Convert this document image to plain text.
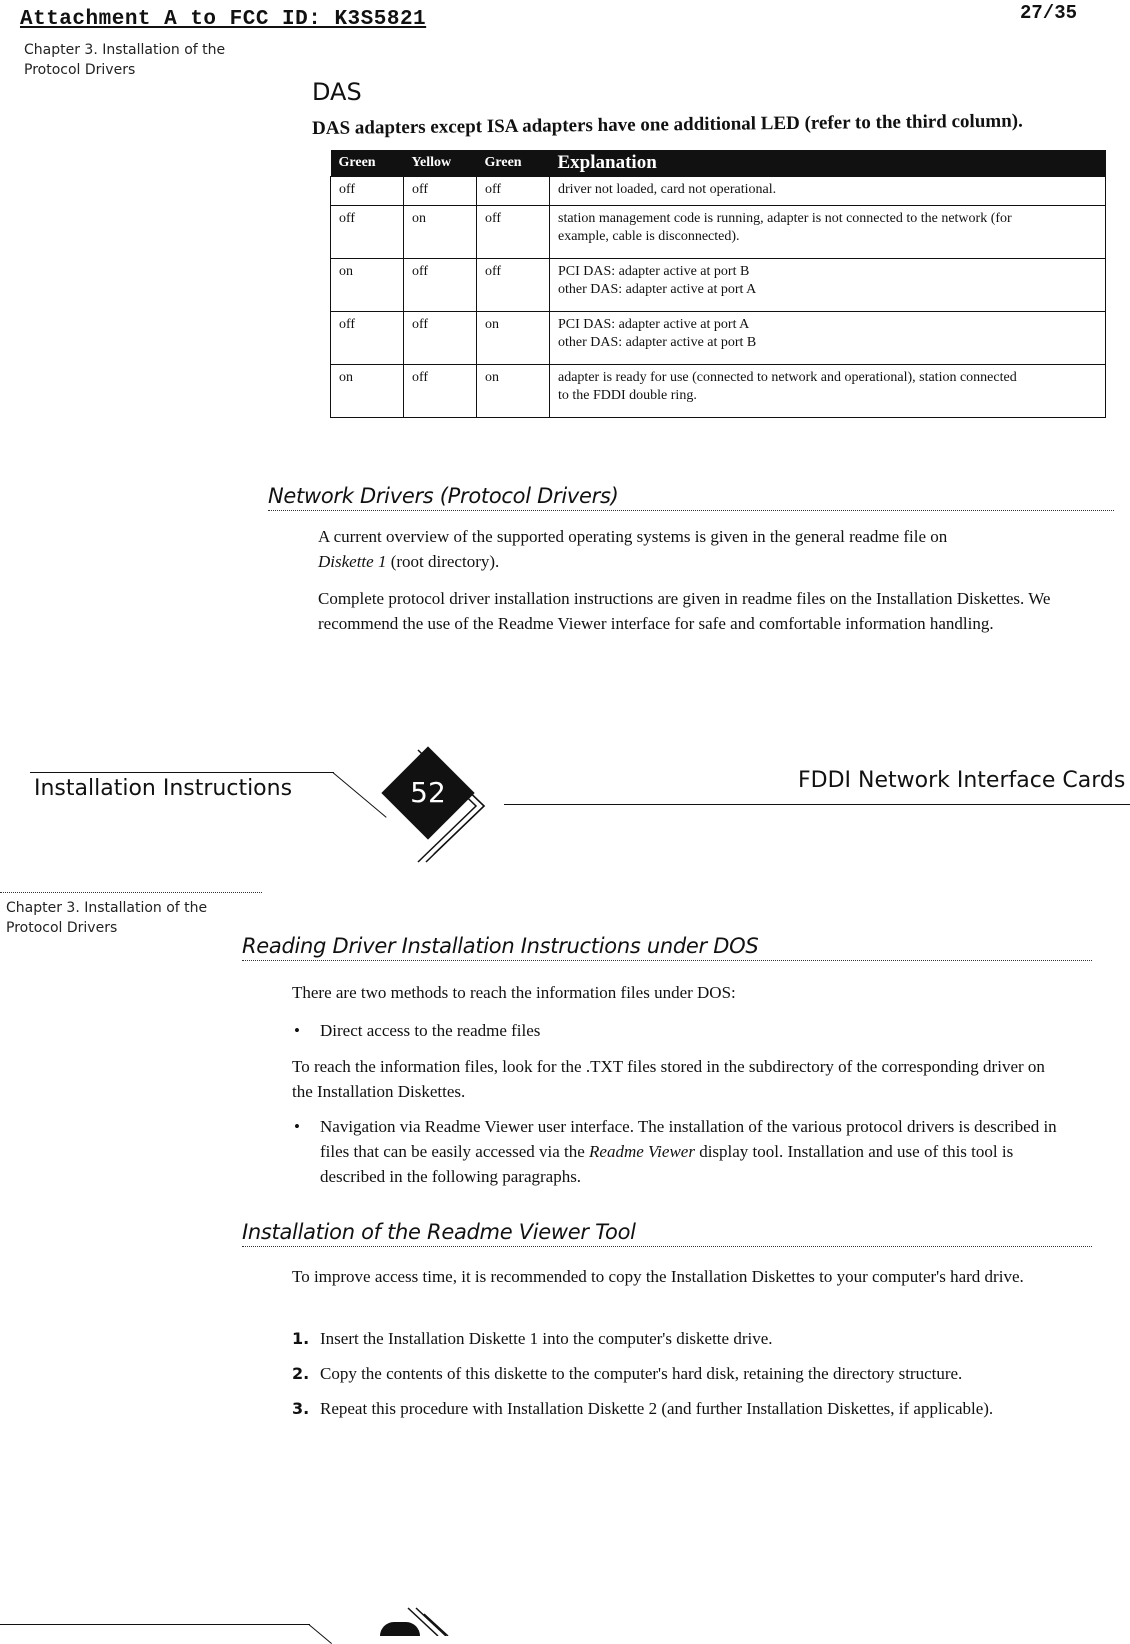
Attachment A to FCC ID: K3S5821	27/35
Chapter 3. Installation of the
Protocol Drivers
DAS
DAS adapters except ISA adapters have one additional LED (refer to the third column).
Green	Yellow	Green	Explanation
off	off	off	driver not loaded, card not operational.
off	on	off	station management code is running, adapter is not connected to the network (for
example, cable is disconnected).

on	off	off	PCI DAS: adapter active at port B
other DAS: adapter active at port A

off	off	on	PCI DAS: adapter active at port A
other DAS: adapter active at port B

on	off	on	adapter is ready for use (connected to network and operational), station connected
to the FDDI double ring.
Network Drivers (Protocol Drivers)
A current overview of the supported operating systems is given in the general readme file on
Diskette 1 (root directory).
Complete protocol driver installation instructions are given in readme files on the Installation Diskettes. We recommend the use of the Readme Viewer interface for safe and comfortable information handling.
Installation Instructions	52	FDDI Network Interface Cards
Chapter 3. Installation of the
Protocol Drivers
Reading Driver Installation Instructions under DOS
There are two methods to reach the information files under DOS:
• Direct access to the readme files
To reach the information files, look for the .TXT files stored in the subdirectory of the corresponding driver on the Installation Diskettes.
• Navigation via Readme Viewer user interface. The installation of the various protocol drivers is described in files that can be easily accessed via the Readme Viewer display tool. Installation and use of this tool is described in the following paragraphs.
Installation of the Readme Viewer Tool
To improve access time, it is recommended to copy the Installation Diskettes to your computer's hard drive.
1. Insert the Installation Diskette 1 into the computer's diskette drive.
2. Copy the contents of this diskette to the computer's hard disk, retaining the directory structure.
3. Repeat this procedure with Installation Diskette 2 (and further Installation Diskettes, if applicable).
